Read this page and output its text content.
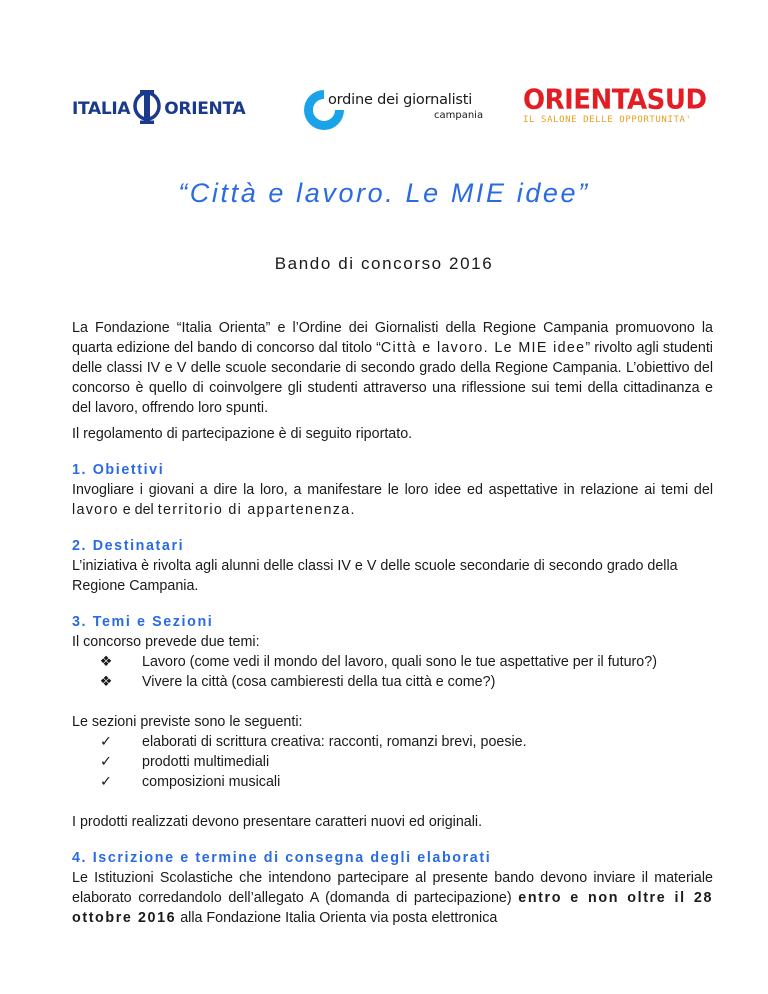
ITALIA ORIENTA	ordine dei giornalisti
campania ORIENTASUD
IL SALONE DELLE OPPORTUNITA'
“Città e lavoro. Le MIE idee”
Bando di concorso 2016

La Fondazione “Italia Orienta” e l’Ordine dei Giornalisti della Regione Campania promuovono la quarta edizione del bando di concorso dal titolo “Città e lavoro. Le MIE idee” rivolto agli studenti delle classi IV e V delle scuole secondarie di secondo grado della Regione Campania. L’obiettivo del concorso è quello di coinvolgere gli studenti attraverso una riflessione sui temi della cittadinanza e del lavoro, offrendo loro spunti.

Il regolamento di partecipazione è di seguito riportato.

1. Obiettivi

Invogliare i giovani a dire la loro, a manifestare le loro idee ed aspettative in relazione ai temi del lavoro e del territorio di appartenenza.

2. Destinatari

L’iniziativa è rivolta agli alunni delle classi IV e V delle scuole secondarie di secondo grado della Regione Campania.

3. Temi e Sezioni

Il concorso prevede due temi:

❖ Lavoro (come vedi il mondo del lavoro, quali sono le tue aspettative per il futuro?)
❖ Vivere la città (cosa cambieresti della tua città e come?)

Le sezioni previste sono le seguenti:

✓ elaborati di scrittura creativa: racconti, romanzi brevi, poesie.
✓ prodotti multimediali
✓ composizioni musicali

I prodotti realizzati devono presentare caratteri nuovi ed originali.

4. Iscrizione e termine di consegna degli elaborati

Le Istituzioni Scolastiche che intendono partecipare al presente bando devono inviare il materiale elaborato corredandolo dell’allegato A (domanda di partecipazione) entro e non oltre il 28 ottobre 2016 alla Fondazione Italia Orienta via posta elettronica
